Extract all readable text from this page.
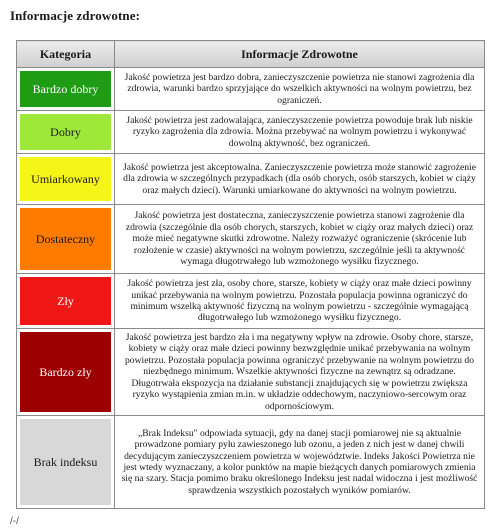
Informacje zdrowotne:
Kategoria	Informacje Zdrowotne

Bardzo dobry	Jakość powietrza jest bardzo dobra, zanieczyszczenie powietrza nie stanowi zagrożenia dla zdrowia, warunki bardzo sprzyjające do wszelkich aktywności na wolnym powietrzu, bez ograniczeń.

Dobry	Jakość powietrza jest zadowalająca, zanieczyszczenie powietrza powoduje brak lub niskie ryzyko zagrożenia dla zdrowia. Można przebywać na wolnym powietrzu i wykonywać dowolną aktywność, bez ograniczeń.

Umiarkowany	Jakość powietrza jest akceptowalna. Zanieczyszczenie powietrza może stanowić zagrożenie dla zdrowia w szczególnych przypadkach (dla osób chorych, osób starszych, kobiet w ciąży oraz małych dzieci). Warunki umiarkowane do aktywności na wolnym powietrzu.

Dostateczny	Jakość powietrza jest dostateczna, zanieczyszczenie powietrza stanowi zagrożenie dla zdrowia (szczególnie dla osób chorych, starszych, kobiet w ciąży oraz małych dzieci) oraz może mieć negatywne skutki zdrowotne. Należy rozważyć ograniczenie (skrócenie lub rozłożenie w czasie) aktywności na wolnym powietrzu, szczególnie jeśli ta aktywność wymaga długotrwałego lub wzmożonego wysiłku fizycznego.

Zły	Jakość powietrza jest zła, osoby chore, starsze, kobiety w ciąży oraz małe dzieci powinny unikać przebywania na wolnym powietrzu. Pozostała populacja powinna ograniczyć do minimum wszelką aktywność fizyczną na wolnym powietrzu - szczególnie wymagającą długotrwałego lub wzmożonego wysiłku fizycznego.

Bardzo zły	Jakość powietrza jest bardzo zła i ma negatywny wpływ na zdrowie. Osoby chore, starsze, kobiety w ciąży oraz małe dzieci powinny bezwzględnie unikać przebywania na wolnym powietrzu. Pozostała populacja powinna ograniczyć przebywanie na wolnym powietrzu do niezbędnego minimum. Wszelkie aktywności fizyczne na zewnątrz są odradzane. Długotrwała ekspozycja na działanie substancji znajdujących się w powietrzu zwiększa ryzyko wystąpienia zmian m.in. w układzie oddechowym, naczyniowo-sercowym oraz odpornościowym.

Brak indeksu	„Brak Indeksu" odpowiada sytuacji, gdy na danej stacji pomiarowej nie są aktualnie prowadzone pomiary pyłu zawieszonego lub ozonu, a jeden z nich jest w danej chwili decydującym zanieczyszczeniem powietrza w województwie. Indeks Jakości Powietrza nie jest wtedy wyznaczany, a kolor punktów na mapie bieżących danych pomiarowych zmienia się na szary. Stacja pomimo braku określonego Indeksu jest nadal widoczna i jest możliwość sprawdzenia wszystkich pozostałych wyników pomiarów.
/-/
